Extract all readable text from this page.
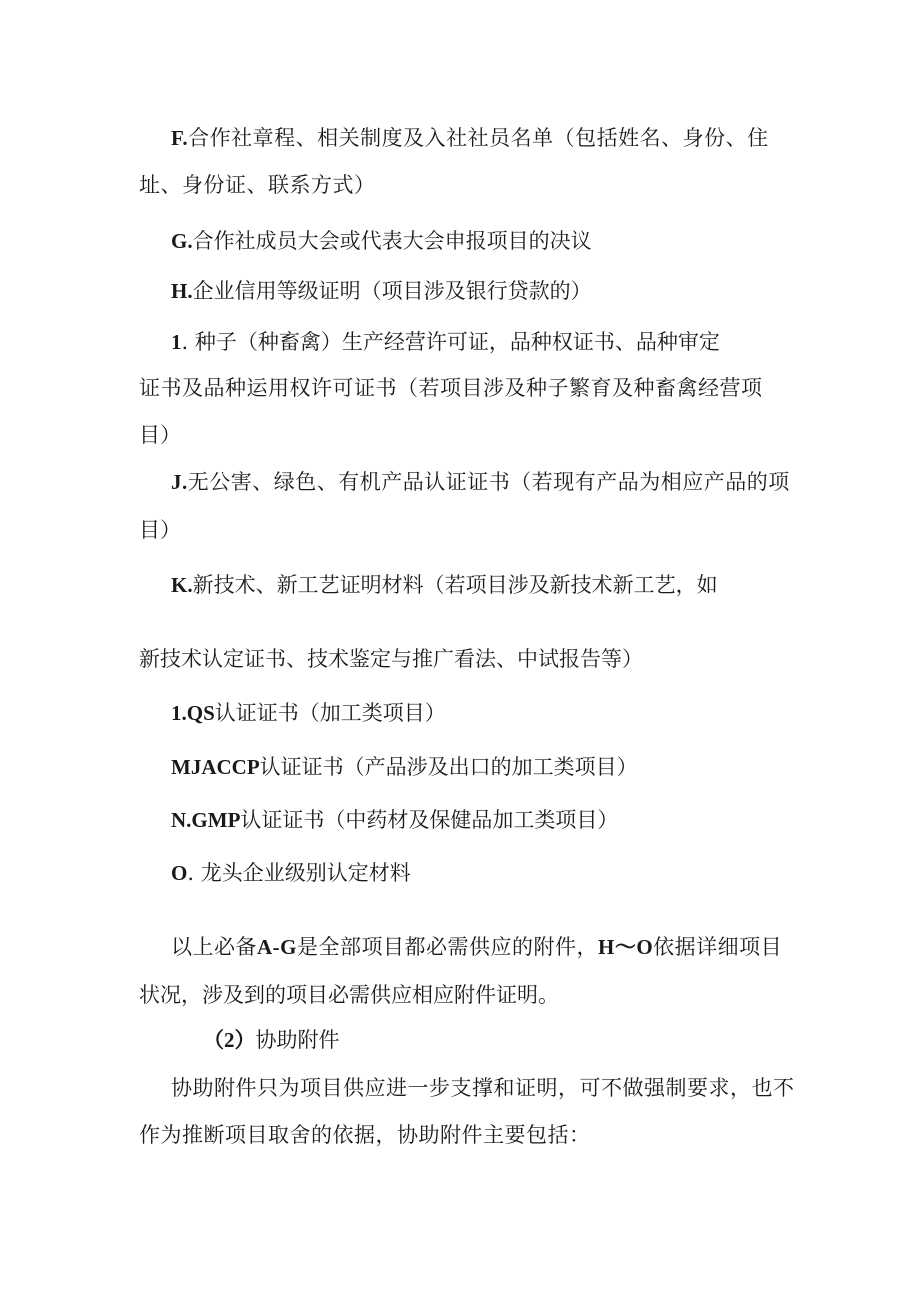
F.合作社章程、相关制度及入社社员名单（包括姓名、身份、住
址、身份证、联系方式）
G.合作社成员大会或代表大会申报项目的决议
H.企业信用等级证明（项目涉及银行贷款的）
1. 种子（种畜禽）生产经营许可证，品种权证书、品种审定
证书及品种运用权许可证书（若项目涉及种子繁育及种畜禽经营项
目）
J.无公害、绿色、有机产品认证证书（若现有产品为相应产品的项
目）
K.新技术、新工艺证明材料（若项目涉及新技术新工艺，如
新技术认定证书、技术鉴定与推广看法、中试报告等）
1.QS认证证书（加工类项目）
MJACCP认证证书（产品涉及出口的加工类项目）
N.GMP认证证书（中药材及保健品加工类项目）
O. 龙头企业级别认定材料
以上必备A-G是全部项目都必需供应的附件，H～O依据详细项目
状况，涉及到的项目必需供应相应附件证明。
（2）协助附件
协助附件只为项目供应进一步支撑和证明，可不做强制要求，也不
作为推断项目取舍的依据，协助附件主要包括：
